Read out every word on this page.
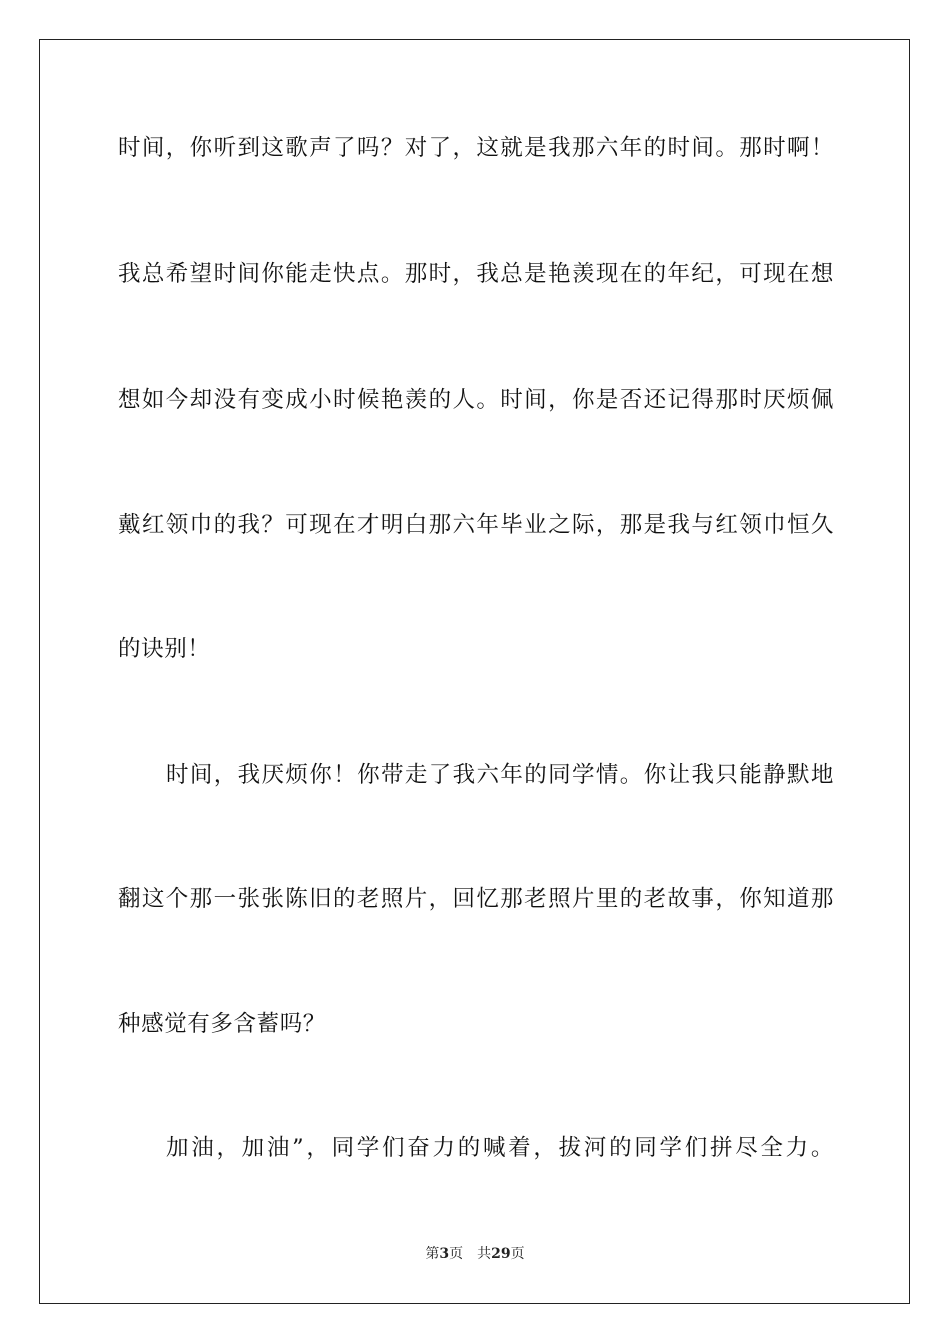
时间，你听到这歌声了吗？对了，这就是我那六年的时间。那时啊！
我总希望时间你能走快点。那时，我总是艳羡现在的年纪，可现在想
想如今却没有变成小时候艳羡的人。时间，你是否还记得那时厌烦佩
戴红领巾的我？可现在才明白那六年毕业之际，那是我与红领巾恒久
的诀别！
时间，我厌烦你！你带走了我六年的同学情。你让我只能静默地
翻这个那一张张陈旧的老照片，回忆那老照片里的老故事，你知道那
种感觉有多含蓄吗？
加油，加油”，同学们奋力的喊着，拔河的同学们拼尽全力。
第3页 共29页
